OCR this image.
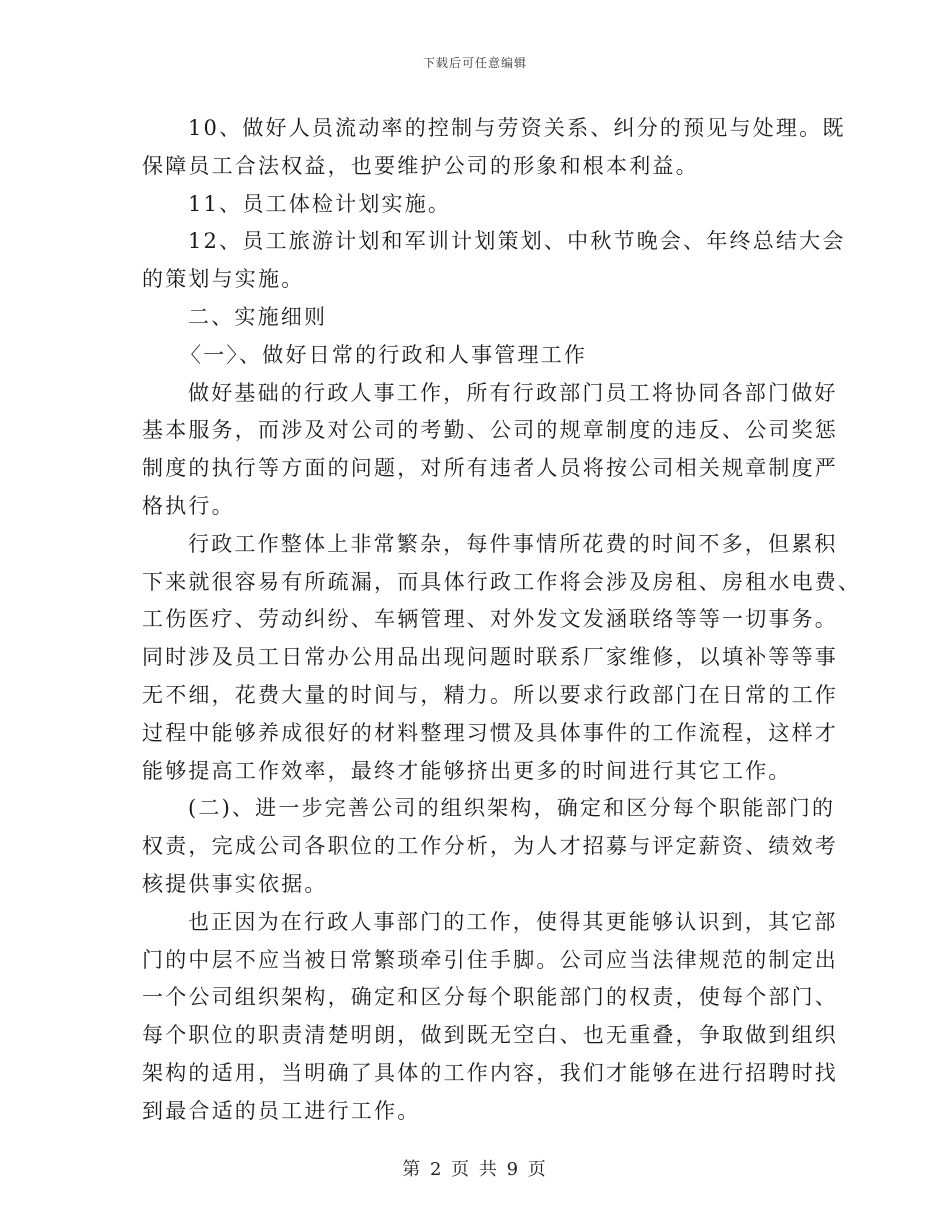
下载后可任意编辑
10、做好人员流动率的控制与劳资关系、纠分的预见与处理。既
保障员工合法权益，也要维护公司的形象和根本利益。
11、员工体检计划实施。
12、员工旅游计划和军训计划策划、中秋节晚会、年终总结大会
的策划与实施。
二、实施细则
〈一〉、做好日常的行政和人事管理工作
做好基础的行政人事工作，所有行政部门员工将协同各部门做好
基本服务，而涉及对公司的考勤、公司的规章制度的违反、公司奖惩
制度的执行等方面的问题，对所有违者人员将按公司相关规章制度严
格执行。
行政工作整体上非常繁杂，每件事情所花费的时间不多，但累积
下来就很容易有所疏漏，而具体行政工作将会涉及房租、房租水电费、
工伤医疗、劳动纠纷、车辆管理、对外发文发涵联络等等一切事务。
同时涉及员工日常办公用品出现问题时联系厂家维修，以填补等等事
无不细，花费大量的时间与，精力。所以要求行政部门在日常的工作
过程中能够养成很好的材料整理习惯及具体事件的工作流程，这样才
能够提高工作效率，最终才能够挤出更多的时间进行其它工作。
(二)、进一步完善公司的组织架构，确定和区分每个职能部门的
权责，完成公司各职位的工作分析，为人才招募与评定薪资、绩效考
核提供事实依据。
也正因为在行政人事部门的工作，使得其更能够认识到，其它部
门的中层不应当被日常繁琐牵引住手脚。公司应当法律规范的制定出
一个公司组织架构，确定和区分每个职能部门的权责，使每个部门、
每个职位的职责清楚明朗，做到既无空白、也无重叠，争取做到组织
架构的适用，当明确了具体的工作内容，我们才能够在进行招聘时找
到最合适的员工进行工作。
第 2 页 共 9 页
